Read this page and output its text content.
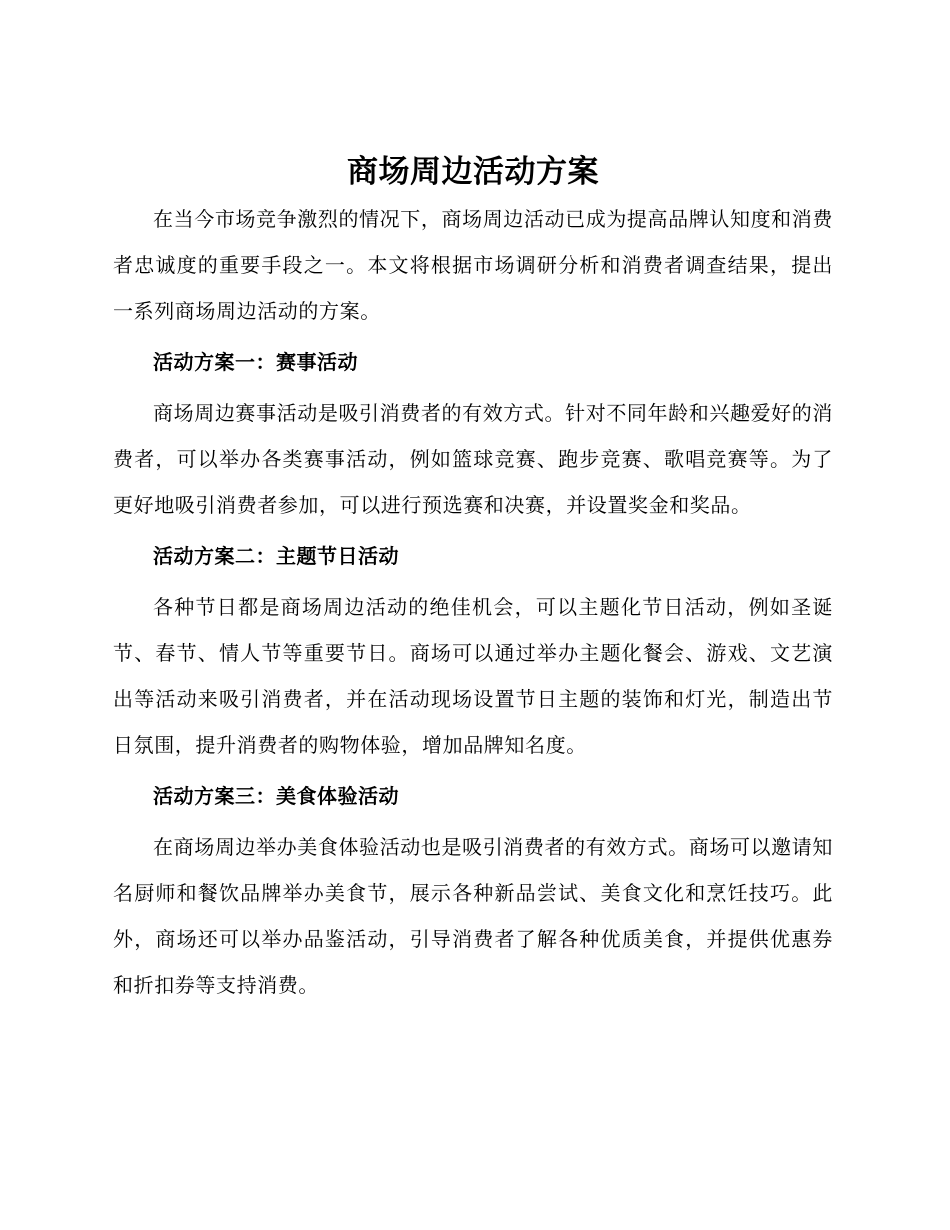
商场周边活动方案

在当今市场竞争激烈的情况下，商场周边活动已成为提高品牌认知度和消费者忠诚度的重要手段之一。本文将根据市场调研分析和消费者调查结果，提出一系列商场周边活动的方案。

活动方案一：赛事活动

商场周边赛事活动是吸引消费者的有效方式。针对不同年龄和兴趣爱好的消费者，可以举办各类赛事活动，例如篮球竞赛、跑步竞赛、歌唱竞赛等。为了更好地吸引消费者参加，可以进行预选赛和决赛，并设置奖金和奖品。

活动方案二：主题节日活动

各种节日都是商场周边活动的绝佳机会，可以主题化节日活动，例如圣诞节、春节、情人节等重要节日。商场可以通过举办主题化餐会、游戏、文艺演出等活动来吸引消费者，并在活动现场设置节日主题的装饰和灯光，制造出节日氛围，提升消费者的购物体验，增加品牌知名度。

活动方案三：美食体验活动

在商场周边举办美食体验活动也是吸引消费者的有效方式。商场可以邀请知名厨师和餐饮品牌举办美食节，展示各种新品尝试、美食文化和烹饪技巧。此外，商场还可以举办品鉴活动，引导消费者了解各种优质美食，并提供优惠券和折扣券等支持消费。
